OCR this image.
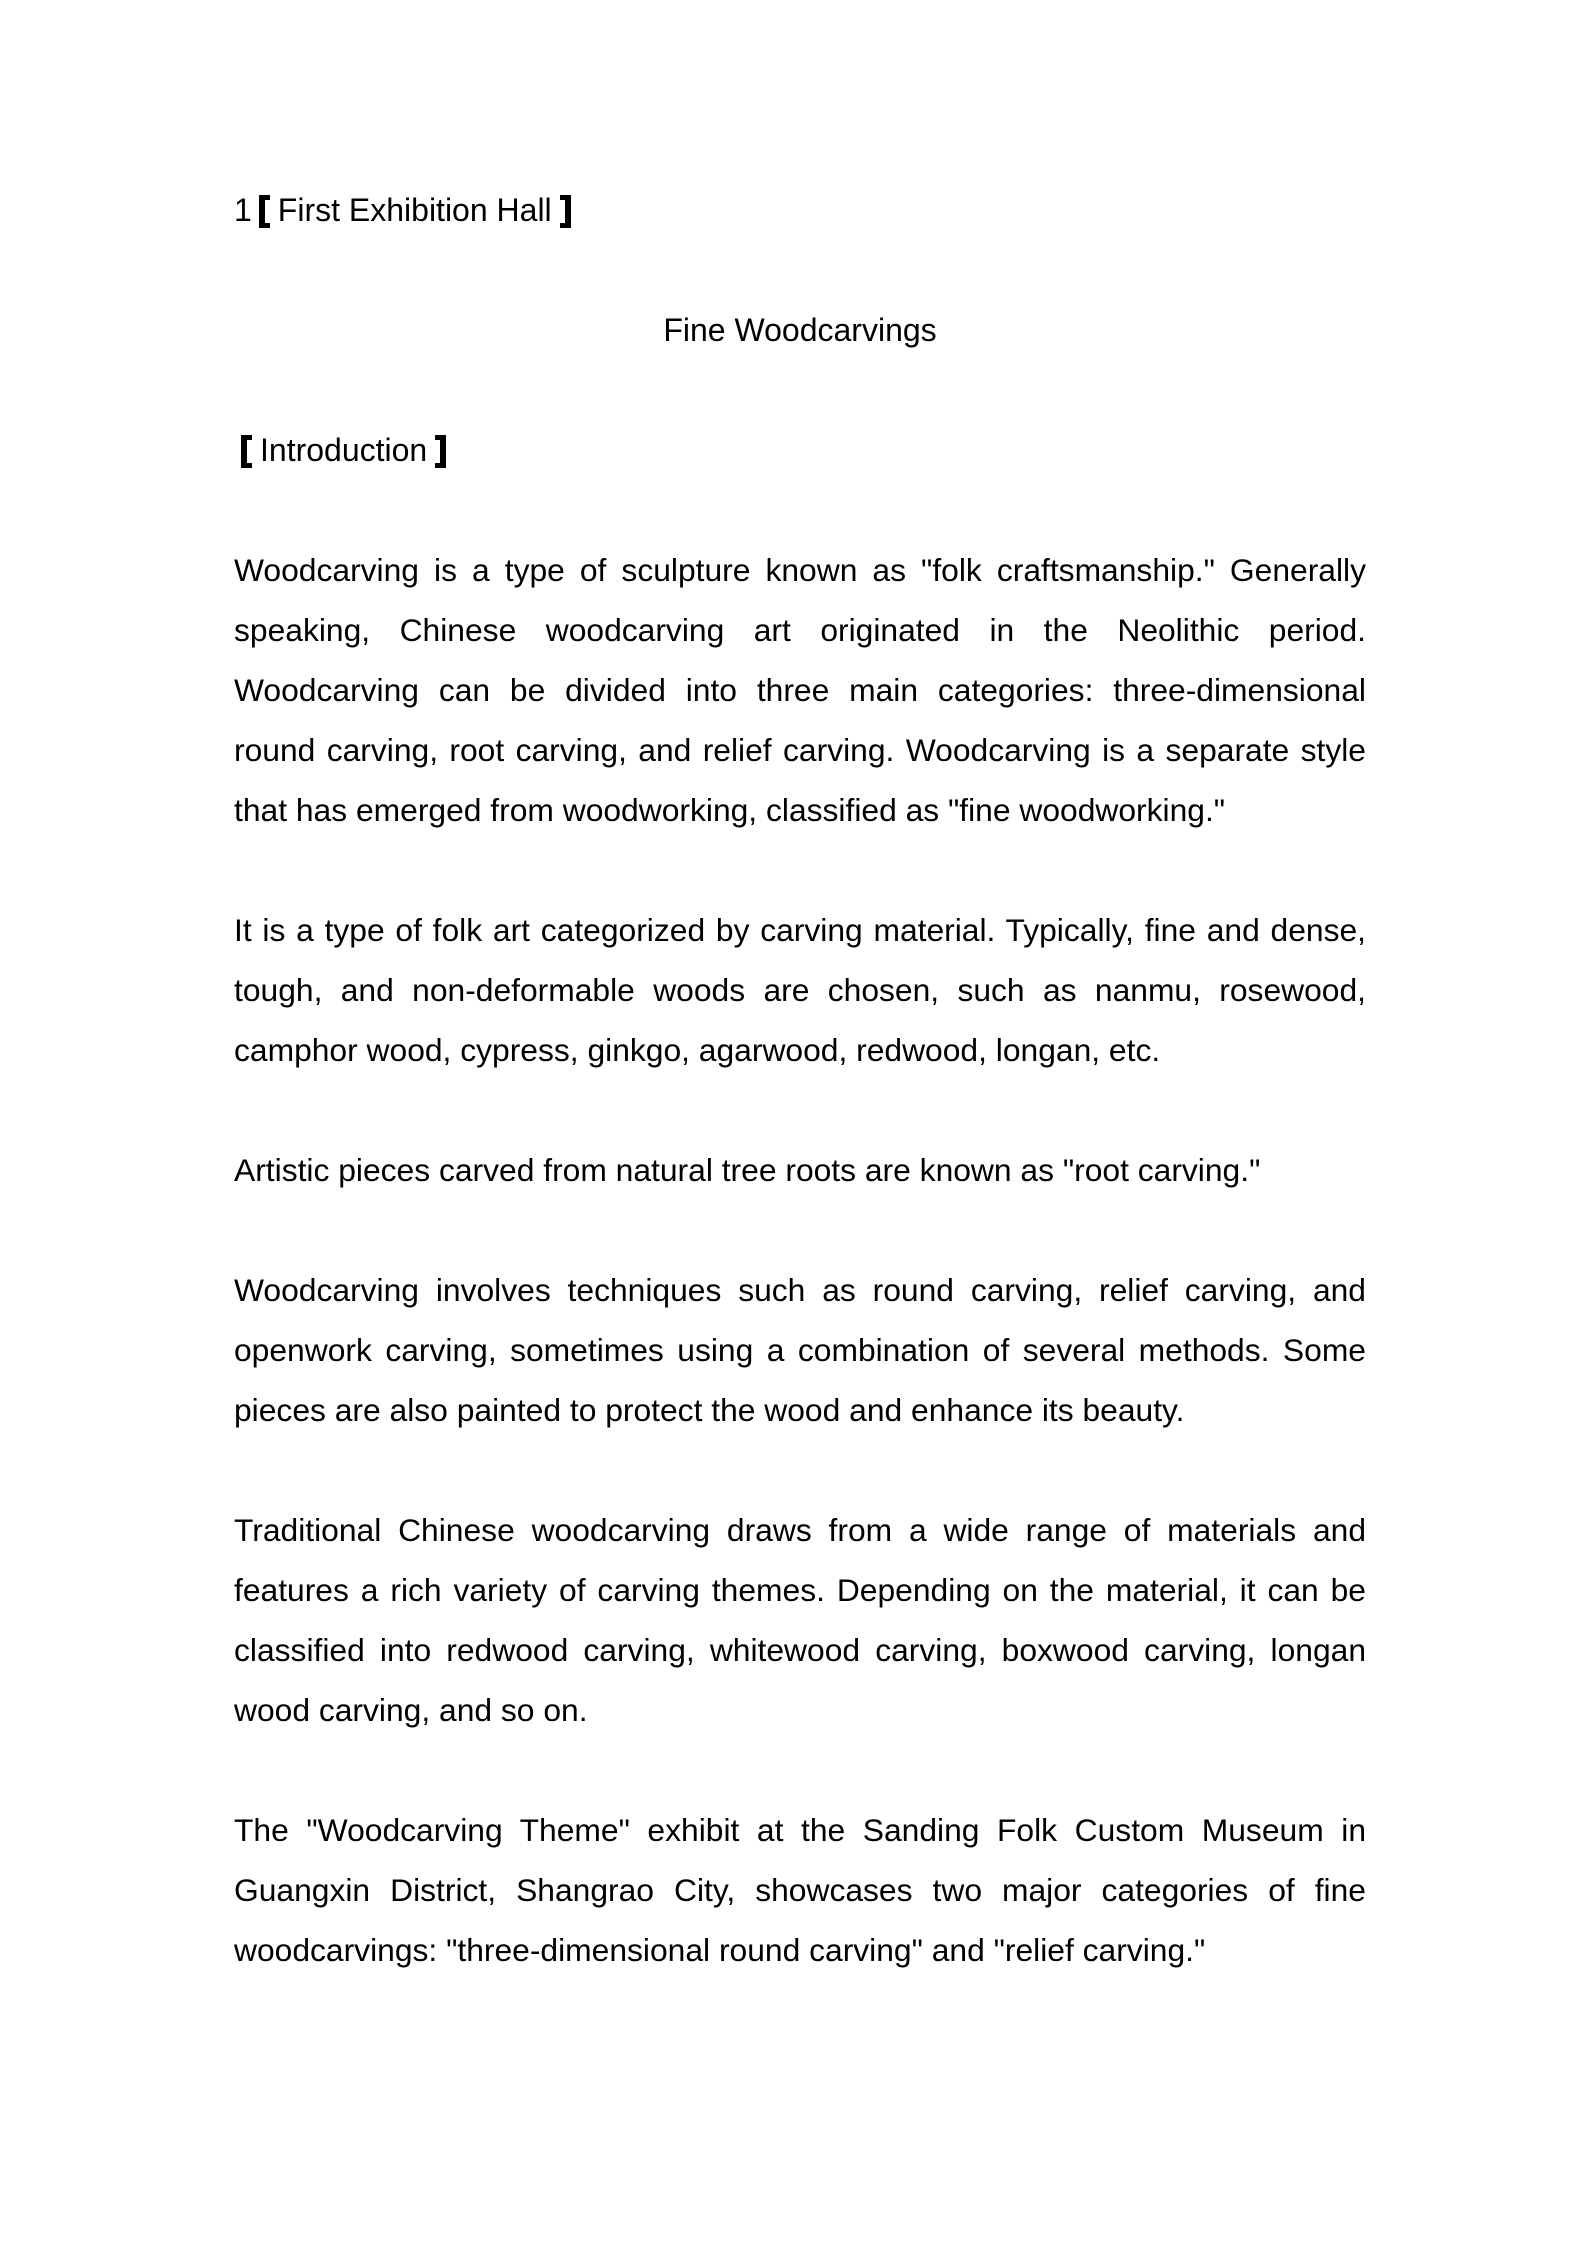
1 First Exhibition Hall
Fine Woodcarvings
Introduction
Woodcarving is a type of sculpture known as "folk craftsmanship." Generally
speaking, Chinese woodcarving art originated in the Neolithic period.
Woodcarving can be divided into three main categories: three-dimensional
round carving, root carving, and relief carving. Woodcarving is a separate style
that has emerged from woodworking, classified as "fine woodworking."
It is a type of folk art categorized by carving material. Typically, fine and dense,
tough, and non-deformable woods are chosen, such as nanmu, rosewood,
camphor wood, cypress, ginkgo, agarwood, redwood, longan, etc.
Artistic pieces carved from natural tree roots are known as "root carving."
Woodcarving involves techniques such as round carving, relief carving, and
openwork carving, sometimes using a combination of several methods. Some
pieces are also painted to protect the wood and enhance its beauty.
Traditional Chinese woodcarving draws from a wide range of materials and
features a rich variety of carving themes. Depending on the material, it can be
classified into redwood carving, whitewood carving, boxwood carving, longan
wood carving, and so on.
The "Woodcarving Theme" exhibit at the Sanding Folk Custom Museum in
Guangxin District, Shangrao City, showcases two major categories of fine
woodcarvings: "three-dimensional round carving" and "relief carving."
